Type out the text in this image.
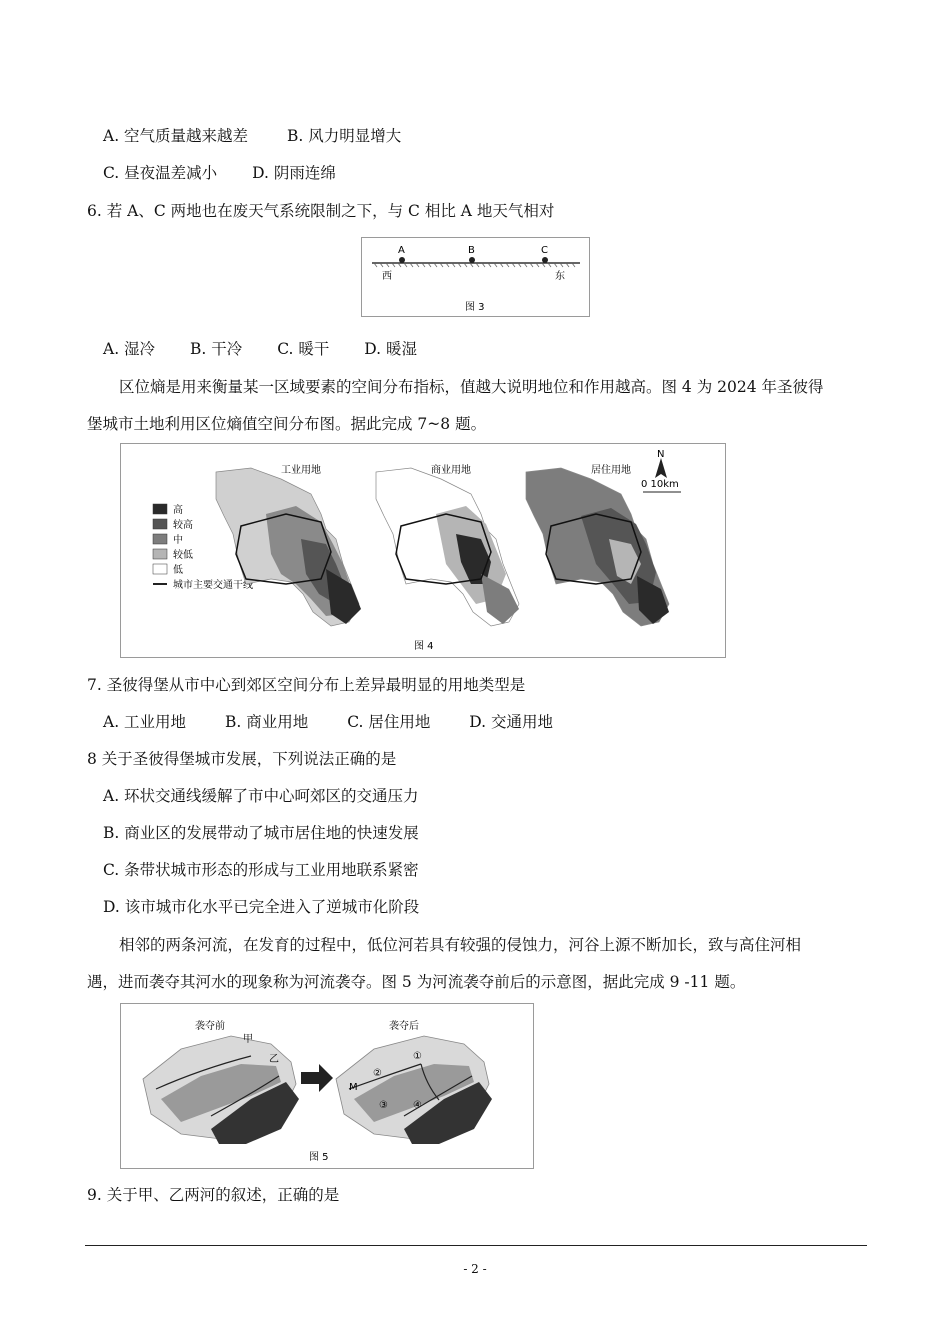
A. 空气质量越来越差	B. 风力明显增大
C. 昼夜温差减小 D. 阴雨连绵
6. 若 A、C 两地也在废天气系统限制之下，与 C 相比 A 地天气相对
A	B	C
西	东
图 3
A. 湿冷 B. 干冷 C. 暖干 D. 暖湿
区位熵是用来衡量某一区域要素的空间分布指标，值越大说明地位和作用越高。图 4 为 2024 年圣彼得
堡城市土地利用区位熵值空间分布图。据此完成 7~8 题。
高
较高
中
较低
低
城市主要交通干线
工业用地	商业用地	居住用地
N
0 10km
图 4
7. 圣彼得堡从市中心到郊区空间分布上差异最明显的用地类型是
A. 工业用地	B. 商业用地	C. 居住用地	D. 交通用地
8 关于圣彼得堡城市发展，下列说法正确的是
A. 环状交通线缓解了市中心呵郊区的交通压力
B. 商业区的发展带动了城市居住地的快速发展
C. 条带状城市形态的形成与工业用地联系紧密
D. 该市城市化水平已完全进入了逆城市化阶段
相邻的两条河流，在发育的过程中，低位河若具有较强的侵蚀力，河谷上源不断加长，致与高住河相
遇，进而袭夺其河水的现象称为河流袭夺。图 5 为河流袭夺前后的示意图，据此完成 9 -11 题。
袭夺前
甲
乙
袭夺后
M
①
②
③	④
图 5
9. 关于甲、乙两河的叙述，正确的是
- 2 -
